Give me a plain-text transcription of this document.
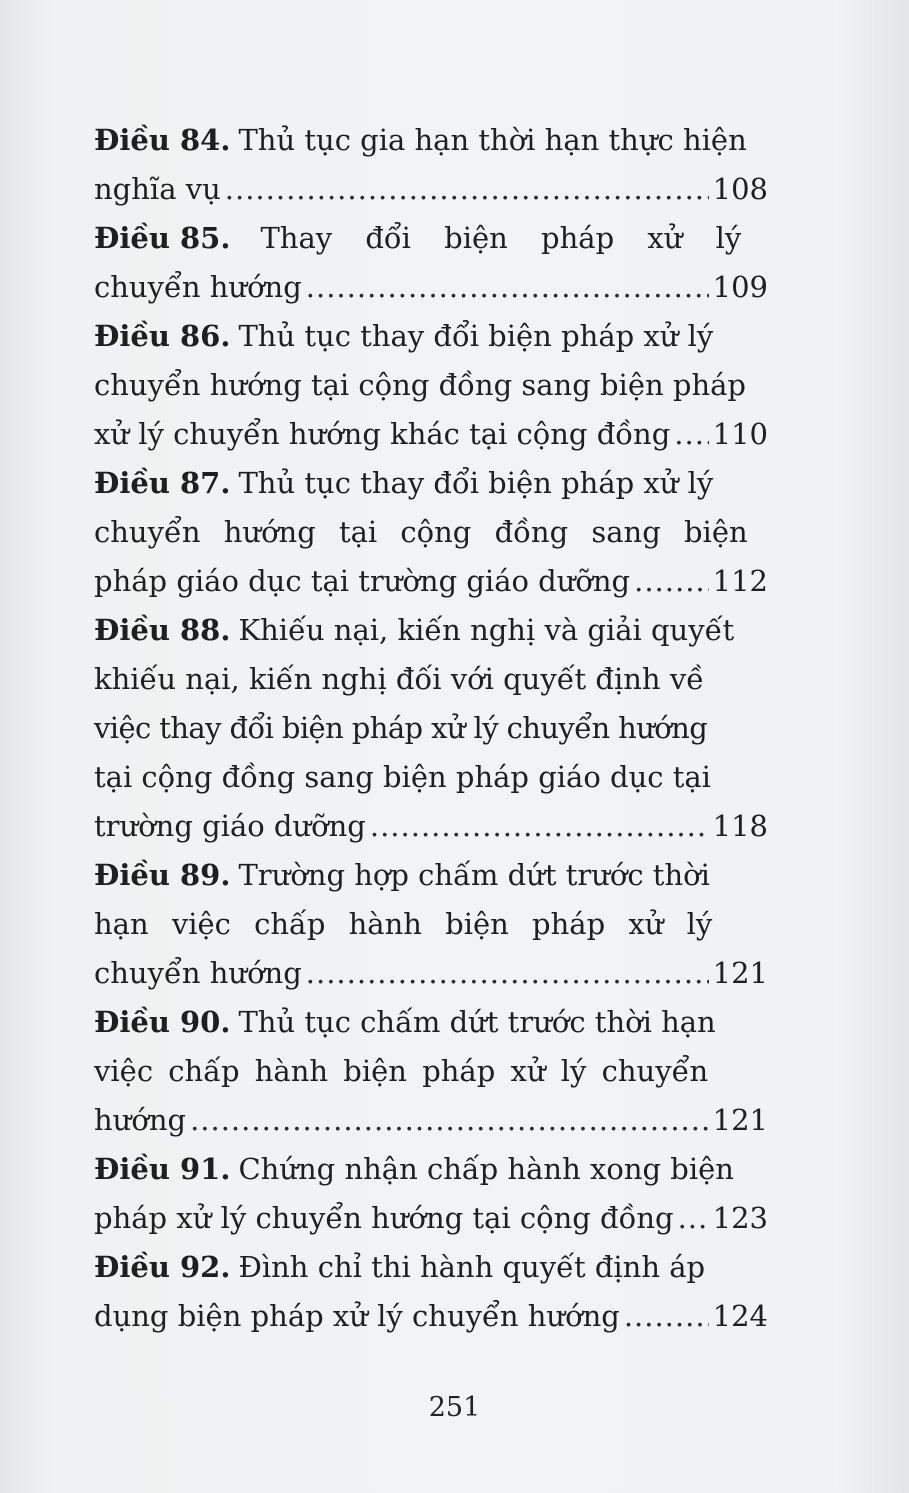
Điều 84. Thủ tục gia hạn thời hạn thực hiện
nghĩa vụ .....	108
Điều 85. Thay đổi biện pháp xử lý
chuyển hướng .....	109
Điều 86. Thủ tục thay đổi biện pháp xử lý
chuyển hướng tại cộng đồng sang biện pháp
xử lý chuyển hướng khác tại cộng đồng ..... 110
Điều 87. Thủ tục thay đổi biện pháp xử lý
chuyển hướng tại cộng đồng sang biện
pháp giáo dục tại trường giáo dưỡng .....	112
Điều 88. Khiếu nại, kiến nghị và giải quyết
khiếu nại, kiến nghị đối với quyết định về
việc thay đổi biện pháp xử lý chuyển hướng
tại cộng đồng sang biện pháp giáo dục tại
trường giáo dưỡng .....	118
Điều 89. Trường hợp chấm dứt trước thời
hạn việc chấp hành biện pháp xử lý
chuyển hướng .....	121
Điều 90. Thủ tục chấm dứt trước thời hạn
việc chấp hành biện pháp xử lý chuyển
hướng .....	121
Điều 91. Chứng nhận chấp hành xong biện
pháp xử lý chuyển hướng tại cộng đồng ..... 123
Điều 92. Đình chỉ thi hành quyết định áp
dụng biện pháp xử lý chuyển hướng .....	124
251
